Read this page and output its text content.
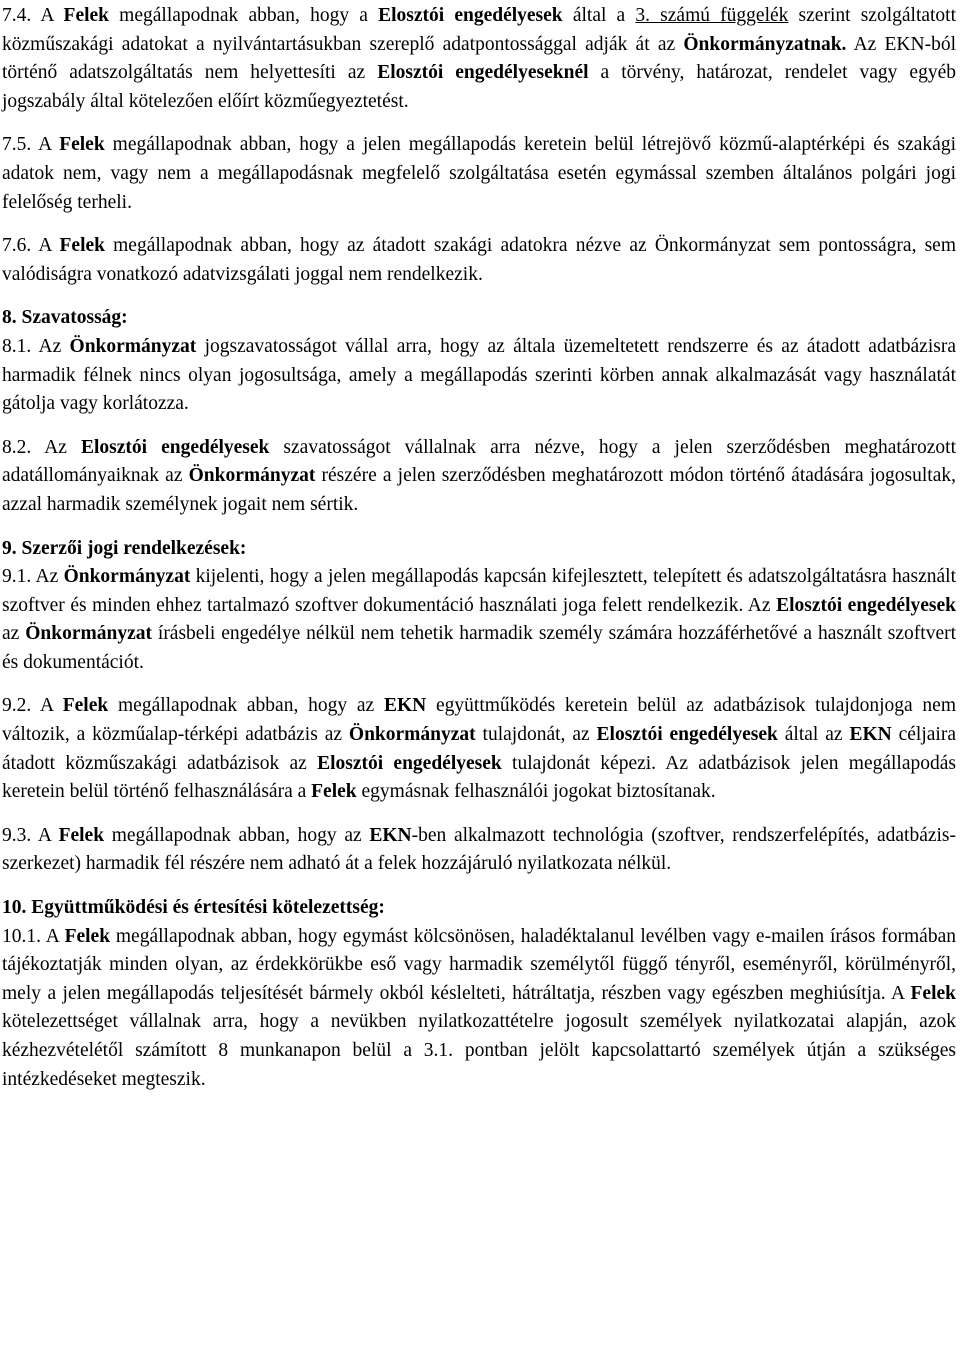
7.4. A Felek megállapodnak abban, hogy a Elosztói engedélyesek által a 3. számú függelék szerint szolgáltatott közműszakági adatokat a nyilvántartásukban szereplő adatpontossággal adják át az Önkormányzatnak. Az EKN-ból történő adatszolgáltatás nem helyettesíti az Elosztói engedélyeseknél a törvény, határozat, rendelet vagy egyéb jogszabály által kötelezően előírt közműegyeztetést.

7.5. A Felek megállapodnak abban, hogy a jelen megállapodás keretein belül létrejövő közmű-alaptérképi és szakági adatok nem, vagy nem a megállapodásnak megfelelő szolgáltatása esetén egymással szemben általános polgári jogi felelőség terheli.

7.6. A Felek megállapodnak abban, hogy az átadott szakági adatokra nézve az Önkormányzat sem pontosságra, sem valódiságra vonatkozó adatvizsgálati joggal nem rendelkezik.

8. Szavatosság:

8.1. Az Önkormányzat jogszavatosságot vállal arra, hogy az általa üzemeltetett rendszerre és az átadott adatbázisra harmadik félnek nincs olyan jogosultsága, amely a megállapodás szerinti körben annak alkalmazását vagy használatát gátolja vagy korlátozza.

8.2. Az Elosztói engedélyesek szavatosságot vállalnak arra nézve, hogy a jelen szerződésben meghatározott adatállományaiknak az Önkormányzat részére a jelen szerződésben meghatározott módon történő átadására jogosultak, azzal harmadik személynek jogait nem sértik.

9. Szerzői jogi rendelkezések:

9.1. Az Önkormányzat kijelenti, hogy a jelen megállapodás kapcsán kifejlesztett, telepített és adatszolgáltatásra használt szoftver és minden ehhez tartalmazó szoftver dokumentáció használati joga felett rendelkezik. Az Elosztói engedélyesek az Önkormányzat írásbeli engedélye nélkül nem tehetik harmadik személy számára hozzáférhetővé a használt szoftvert és dokumentációt.

9.2. A Felek megállapodnak abban, hogy az EKN együttműködés keretein belül az adatbázisok tulajdonjoga nem változik, a közműalap-térképi adatbázis az Önkormányzat tulajdonát, az Elosztói engedélyesek által az EKN céljaira átadott közműszakági adatbázisok az Elosztói engedélyesek tulajdonát képezi. Az adatbázisok jelen megállapodás keretein belül történő felhasználására a Felek egymásnak felhasználói jogokat biztosítanak.

9.3. A Felek megállapodnak abban, hogy az EKN-ben alkalmazott technológia (szoftver, rendszerfelépítés, adatbázis-szerkezet) harmadik fél részére nem adható át a felek hozzájáruló nyilatkozata nélkül.

10. Együttműködési és értesítési kötelezettség:

10.1. A Felek megállapodnak abban, hogy egymást kölcsönösen, haladéktalanul levélben vagy e-mailen írásos formában tájékoztatják minden olyan, az érdekkörükbe eső vagy harmadik személytől függő tényről, eseményről, körülményről, mely a jelen megállapodás teljesítését bármely okból késlelteti, hátráltatja, részben vagy egészben meghiúsítja. A Felek kötelezettséget vállalnak arra, hogy a nevükben nyilatkozattételre jogosult személyek nyilatkozatai alapján, azok kézhezvételétől számított 8 munkanapon belül a 3.1. pontban jelölt kapcsolattartó személyek útján a szükséges intézkedéseket megteszik.
